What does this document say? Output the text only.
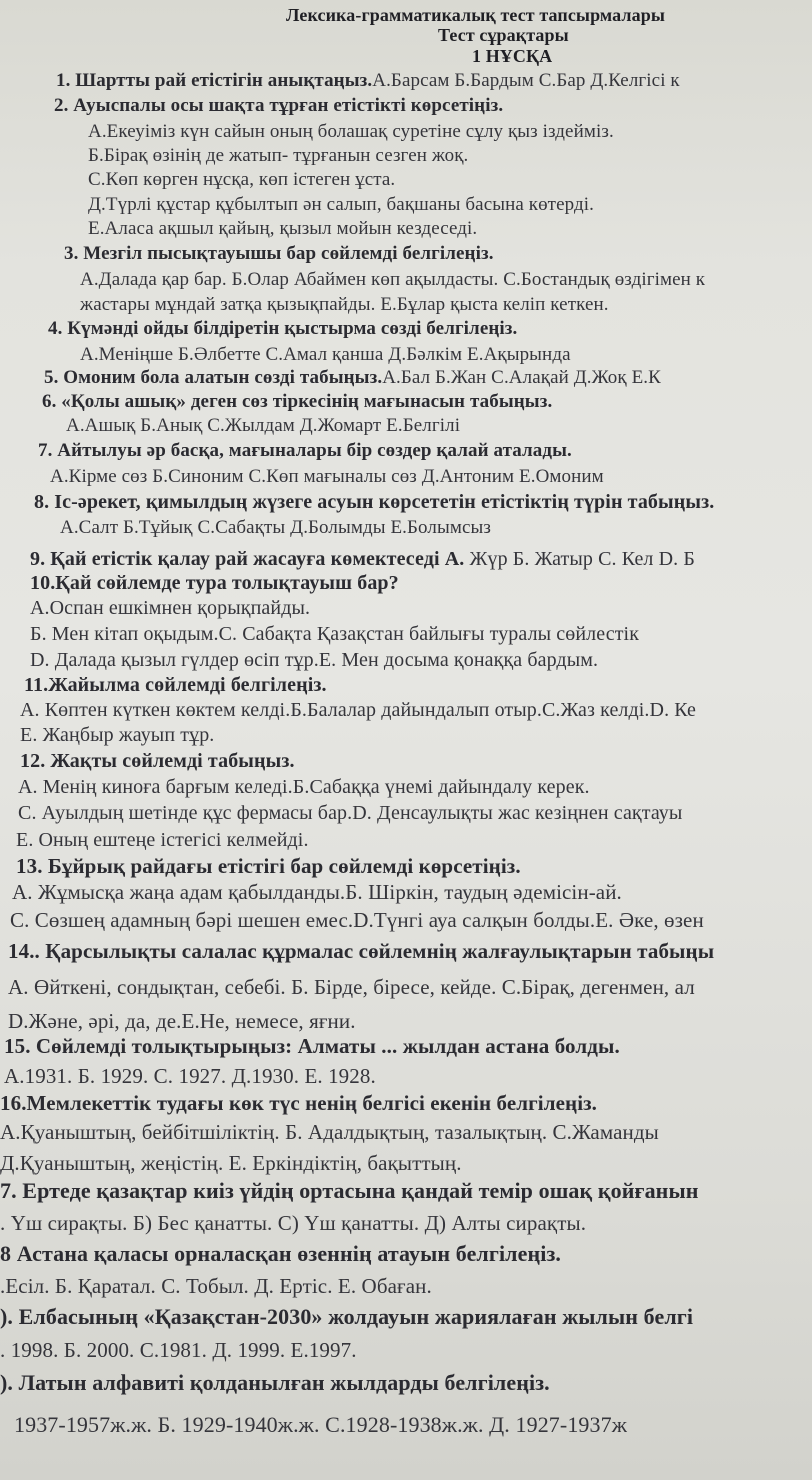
Лексика-грамматикалық тест тапсырмалары
Тест сұрақтары
1 НҰСҚА
1. Шартты рай етістігін анықтаңыз.А.Барсам Б.Бардым С.Бар Д.Келгісі к
2. Ауыспалы осы шақта тұрған етістікті көрсетіңіз.
А.Екеуіміз күн сайын оның болашақ суретіне сұлу қыз іздейміз.
Б.Бірақ өзінің де жатып- тұрғанын сезген жоқ.
С.Көп көрген нұсқа, көп істеген ұста.
Д.Түрлі құстар құбылтып ән салып, бақшаны басына көтерді.
Е.Аласа ақшыл қайың, қызыл мойын кездеседі.
3. Мезгіл пысықтауышы бар сөйлемді белгілеңіз.
А.Далада қар бар. Б.Олар Абаймен көп ақылдасты. С.Бостандық өздігімен к
жастары мұндай затқа қызықпайды. Е.Бұлар қыста келіп кеткен.
4. Күмәнді ойды білдіретін қыстырма сөзді белгілеңіз.
А.Меніңше Б.Әлбетте С.Амал қанша Д.Бәлкім Е.Ақырында
5. Омоним бола алатын сөзді табыңыз.А.Бал Б.Жан С.Алақай Д.Жоқ Е.К
6. «Қолы ашық» деген сөз тіркесінің мағынасын табыңыз.
А.Ашық Б.Анық С.Жылдам Д.Жомарт Е.Белгілі
7. Айтылуы әр басқа, мағыналары бір сөздер қалай аталады.
А.Кірме сөз Б.Синоним С.Көп мағыналы сөз Д.Антоним Е.Омоним
8. Іс-әрекет, қимылдың жүзеге асуын көрсететін етістіктің түрін табыңыз.
А.Салт Б.Тұйық С.Сабақты Д.Болымды Е.Болымсыз
9. Қай етістік қалау рай жасауға көмектеседі А. Жүр Б. Жатыр С. Кел D. Б
10.Қай сөйлемде тура толықтауыш бар?
А.Оспан ешкімнен қорықпайды.
Б. Мен кітап оқыдым.С. Сабақта Қазақстан байлығы туралы сөйлестік
D. Далада қызыл гүлдер өсіп тұр.Е. Мен досыма қонаққа бардым.
11.Жайылма сөйлемді белгілеңіз.
А. Көптен күткен көктем келді.Б.Балалар дайындалып отыр.С.Жаз келді.D. Ке
Е. Жаңбыр жауып тұр.
12. Жақты сөйлемді табыңыз.
А. Менің киноға барғым келеді.Б.Сабаққа үнемі дайындалу керек.
С. Ауылдың шетінде құс фермасы бар.D. Денсаулықты жас кезіңнен сақтауы
Е. Оның ештеңе істегісі келмейді.
13. Бұйрық райдағы етістігі бар сөйлемді көрсетіңіз.
А. Жұмысқа жаңа адам қабылданды.Б. Шіркін, таудың әдемісін-ай.
С. Сөзшең адамның бәрі шешен емес.D.Түнгі ауа салқын болды.Е. Әке, өзен
14.. Қарсылықты салалас құрмалас сөйлемнің жалғаулықтарын табыңы
А. Өйткені, сондықтан, себебі. Б. Бірде, біресе, кейде. С.Бірақ, дегенмен, ал
D.Және, әрі, да, де.Е.Не, немесе, яғни.
15. Сөйлемді толықтырыңыз: Алматы ... жылдан астана болды.
А.1931. Б. 1929. С. 1927. Д.1930. Е. 1928.
16.Мемлекеттік тудағы көк түс ненің белгісі екенін белгілеңіз.
А.Қуаныштың, бейбітшіліктің. Б. Адалдықтың, тазалықтың. С.Жаманды
Д.Қуаныштың, жеңістің. Е. Еркіндіктің, бақыттың.
7. Ертеде қазақтар киіз үйдің ортасына қандай темір ошақ қойғанын
. Үш сирақты. Б) Бес қанатты. С) Үш қанатты. Д) Алты сирақты.
8 Астана қаласы орналасқан өзеннің атауын белгілеңіз.
.Есіл. Б. Қаратал. С. Тобыл. Д. Ертіс. Е. Обаған.
). Елбасының «Қазақстан-2030» жолдауын жариялаған жылын белгі
. 1998. Б. 2000. С.1981. Д. 1999. Е.1997.
). Латын алфавиті қолданылған жылдарды белгілеңіз.
1937-1957ж.ж. Б. 1929-1940ж.ж. С.1928-1938ж.ж. Д. 1927-1937ж
